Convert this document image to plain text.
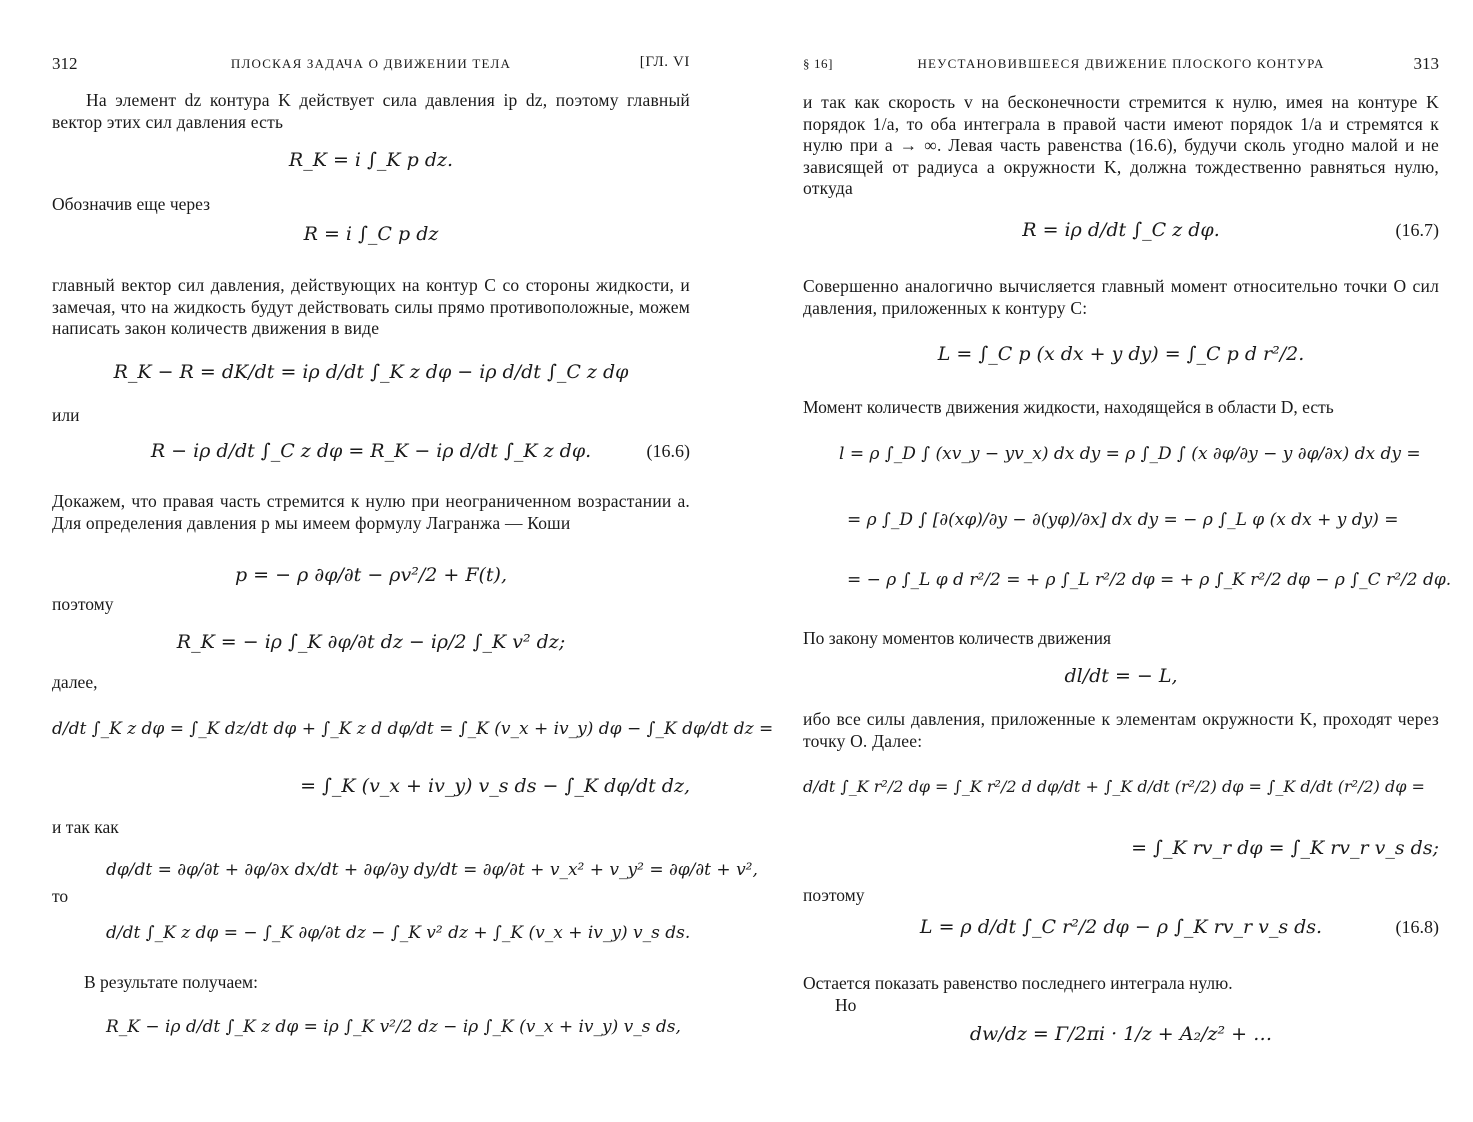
312	ПЛОСКАЯ ЗАДАЧА О ДВИЖЕНИИ ТЕЛА	[ГЛ. VI

На элемент dz контура K действует сила давления ip dz, поэтому главный вектор этих сил давления есть

R_K = i ∫_K p dz.
Обозначив еще через
R = i ∫_C p dz

главный вектор сил давления, действующих на контур C со стороны жидкости, и замечая, что на жидкость будут действовать силы прямо противоположные, можем написать закон количеств движения в виде

R_K − R = dK/dt = iρ d/dt ∫_K z dφ − iρ d/dt ∫_C z dφ
или
R − iρ d/dt ∫_C z dφ = R_K − iρ d/dt ∫_K z dφ.	(16.6)

Докажем, что правая часть стремится к нулю при неограниченном возрастании a. Для определения давления p мы имеем формулу Лагранжа — Коши

p = − ρ ∂φ/∂t − ρv²/2 + F(t),
поэтому
R_K = − iρ ∫_K ∂φ/∂t dz − iρ/2 ∫_K v² dz;
далее,
d/dt ∫_K z dφ = ∫_K dz/dt dφ + ∫_K z d dφ/dt = ∫_K (v_x + iv_y) dφ − ∫_K dφ/dt dz =
= ∫_K (v_x + iv_y) v_s ds − ∫_K dφ/dt dz,
и так как
dφ/dt = ∂φ/∂t + ∂φ/∂x dx/dt + ∂φ/∂y dy/dt = ∂φ/∂t + v_x² + v_y² = ∂φ/∂t + v²,
то
d/dt ∫_K z dφ = − ∫_K ∂φ/∂t dz − ∫_K v² dz + ∫_K (v_x + iv_y) v_s ds.
В результате получаем:
R_K − iρ d/dt ∫_K z dφ = iρ ∫_K v²/2 dz − iρ ∫_K (v_x + iv_y) v_s ds,
§ 16]	НЕУСТАНОВИВШЕЕСЯ ДВИЖЕНИЕ ПЛОСКОГО КОНТУРА	313

и так как скорость v на бесконечности стремится к нулю, имея на контуре K порядок 1/a, то оба интеграла в правой части имеют порядок 1/a и стремятся к нулю при a → ∞. Левая часть равенства (16.6), будучи сколь угодно малой и не зависящей от радиуса a окружности K, должна тождественно равняться нулю, откуда

R = iρ d/dt ∫_C z dφ.	(16.7)

Совершенно аналогично вычисляется главный момент относительно точки O сил давления, приложенных к контуру C:

L = ∫_C p (x dx + y dy) = ∫_C p d r²/2.
Момент количеств движения жидкости, находящейся в области D, есть
l = ρ ∫_D ∫ (xv_y − yv_x) dx dy = ρ ∫_D ∫ (x ∂φ/∂y − y ∂φ/∂x) dx dy =
= ρ ∫_D ∫ [∂(xφ)/∂y − ∂(yφ)/∂x] dx dy = − ρ ∫_L φ (x dx + y dy) =
= − ρ ∫_L φ d r²/2 = + ρ ∫_L r²/2 dφ = + ρ ∫_K r²/2 dφ − ρ ∫_C r²/2 dφ.
По закону моментов количеств движения
dl/dt = − L,

ибо все силы давления, приложенные к элементам окружности K, проходят через точку O. Далее:

d/dt ∫_K r²/2 dφ = ∫_K r²/2 d dφ/dt + ∫_K d/dt (r²/2) dφ = ∫_K d/dt (r²/2) dφ =
= ∫_K rv_r dφ = ∫_K rv_r v_s ds;
поэтому
L = ρ d/dt ∫_C r²/2 dφ − ρ ∫_K rv_r v_s ds.	(16.8)
Остается показать равенство последнего интеграла нулю.
Но
dw/dz = Γ/2πi · 1/z + A₂/z² + …
